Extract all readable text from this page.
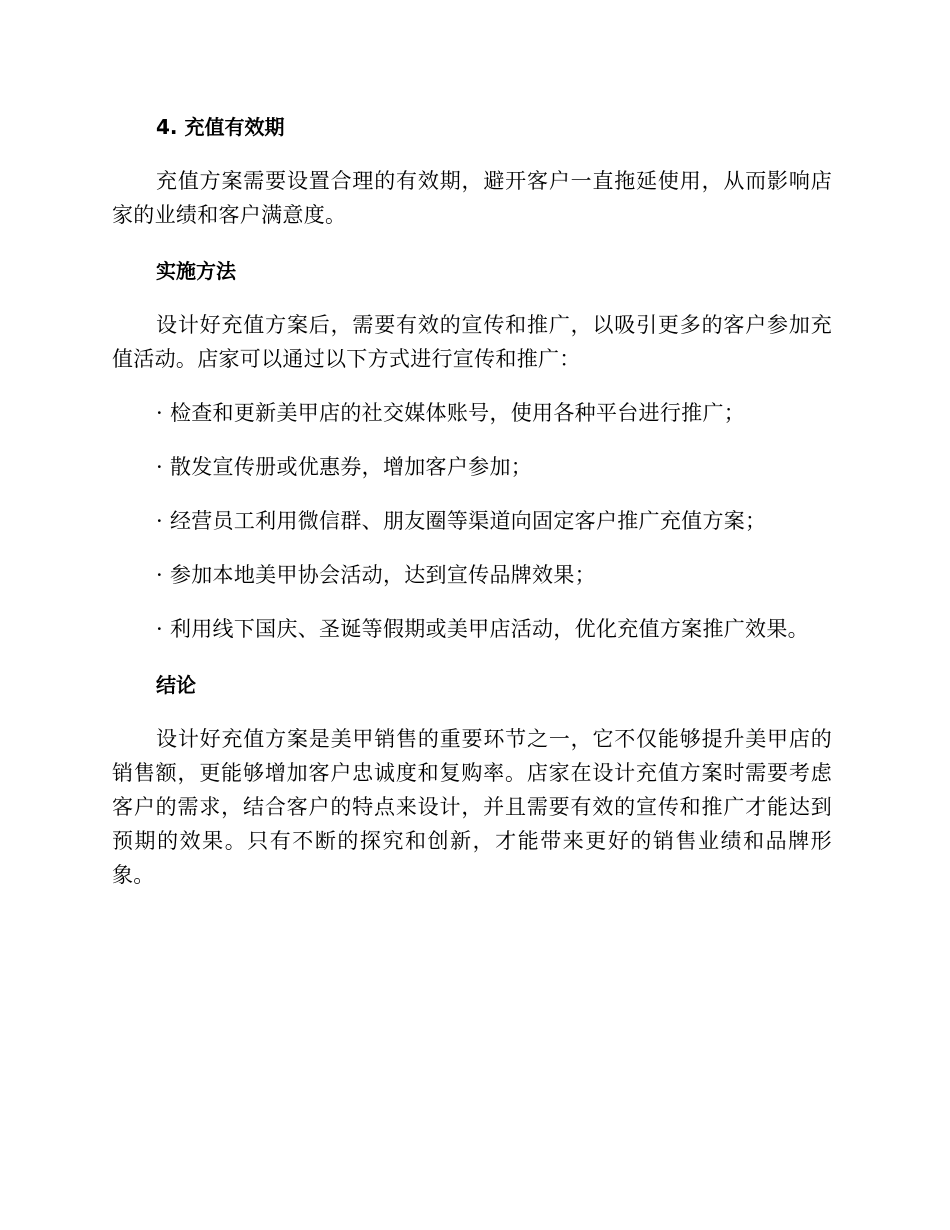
4. 充值有效期

充值方案需要设置合理的有效期，避开客户一直拖延使用，从而影响店家的业绩和客户满意度。

实施方法

设计好充值方案后，需要有效的宣传和推广，以吸引更多的客户参加充值活动。店家可以通过以下方式进行宣传和推广：

· 检查和更新美甲店的社交媒体账号，使用各种平台进行推广；

· 散发宣传册或优惠券，增加客户参加；

· 经营员工利用微信群、朋友圈等渠道向固定客户推广充值方案；

· 参加本地美甲协会活动，达到宣传品牌效果；

· 利用线下国庆、圣诞等假期或美甲店活动，优化充值方案推广效果。

结论

设计好充值方案是美甲销售的重要环节之一，它不仅能够提升美甲店的销售额，更能够增加客户忠诚度和复购率。店家在设计充值方案时需要考虑客户的需求，结合客户的特点来设计，并且需要有效的宣传和推广才能达到预期的效果。只有不断的探究和创新，才能带来更好的销售业绩和品牌形象。
